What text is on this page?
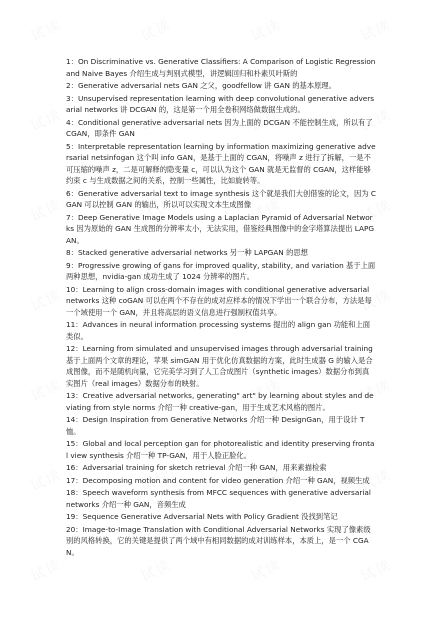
1：On Discriminative vs. Generative Classifiers: A Comparison of Logistic Regression and Naive Bayes 介绍生成与判别式模型，讲逻辑回归和朴素贝叶斯的

2：Generative adversarial nets GAN 之父，goodfellow 讲 GAN 的基本原理。

3：Unsupervised representation learning with deep convolutional generative adversarial networks 讲 DCGAN 的，这是第一个用全卷积网络做数据生成的。

4：Conditional generative adversarial nets 因为上面的 DCGAN 不能控制生成，所以有了 CGAN，即条件 GAN

5：Interpretable representation learning by information maximizing generative adversarial netsinfogan 这个叫 info GAN，是基于上面的 CGAN，将噪声 z 进行了拆解，一是不可压缩的噪声 z，二是可解释的隐变量 c，可以认为这个 GAN 就是无监督的 CGAN，这样能够约束 c 与生成数据之间的关系，控制一些属性，比如旋转等。

6：Generative adversarial text to image synthesis 这个就是我们大创借鉴的论文，因为 CGAN 可以控制 GAN 的输出，所以可以实现文本生成图像

7：Deep Generative Image Models using a Laplacian Pyramid of Adversarial Networks 因为原始的 GAN 生成图的分辨率太小，无法实用，借鉴经典图像中的金字塔算法提出 LAPGAN。

8：Stacked generative adversarial networks 另一种 LAPGAN 的思想

9：Progressive growing of gans for improved quality, stability, and variation 基于上面两种思想，nvidia-gan 成功生成了 1024 分辨率的图片。

10：Learning to align cross-domain images with conditional generative adversarial networks 这种 coGAN 可以在两个不存在的成对应样本的情况下学出一个联合分布，方法是每一个域使用一个 GAN，并且将高层的语义信息进行强制权值共享。

11：Advances in neural information processing systems 提出的 align gan 功能和上面类似。

12：Learning from simulated and unsupervised images through adversarial training 基于上面两个文章的理论，苹果 simGAN 用于优化仿真数据的方案，此时生成器 G 的输入是合成图像，而不是随机向量，它完美学习到了人工合成图片（synthetic images）数据分布到真实图片（real images）数据分布的映射。

13：Creative adversarial networks, generating" art" by learning about styles and deviating from style norms 介绍一种 creative-gan，用于生成艺术风格的图片。

14：Design Inspiration from Generative Networks 介绍一种 DesignGan，用于设计 T 恤。

15：Global and local perception gan for photorealistic and identity preserving frontal view synthesis 介绍一种 TP-GAN，用于人脸正脸化。

16：Adversarial training for sketch retrieval 介绍一种 GAN，用来素描检索

17：Decomposing motion and content for video generation 介绍一种 GAN，视频生成

18：Speech waveform synthesis from MFCC sequences with generative adversarial networks 介绍一种 GAN，音频生成

19：Sequence Generative Adversarial Nets with Policy Gradient 没找到笔记

20：Image-to-Image Translation with Conditional Adversarial Networks 实现了像素级别的风格转换，它的关键是提供了两个域中有相同数据的成对训练样本，本质上，是一个 CGAN。
